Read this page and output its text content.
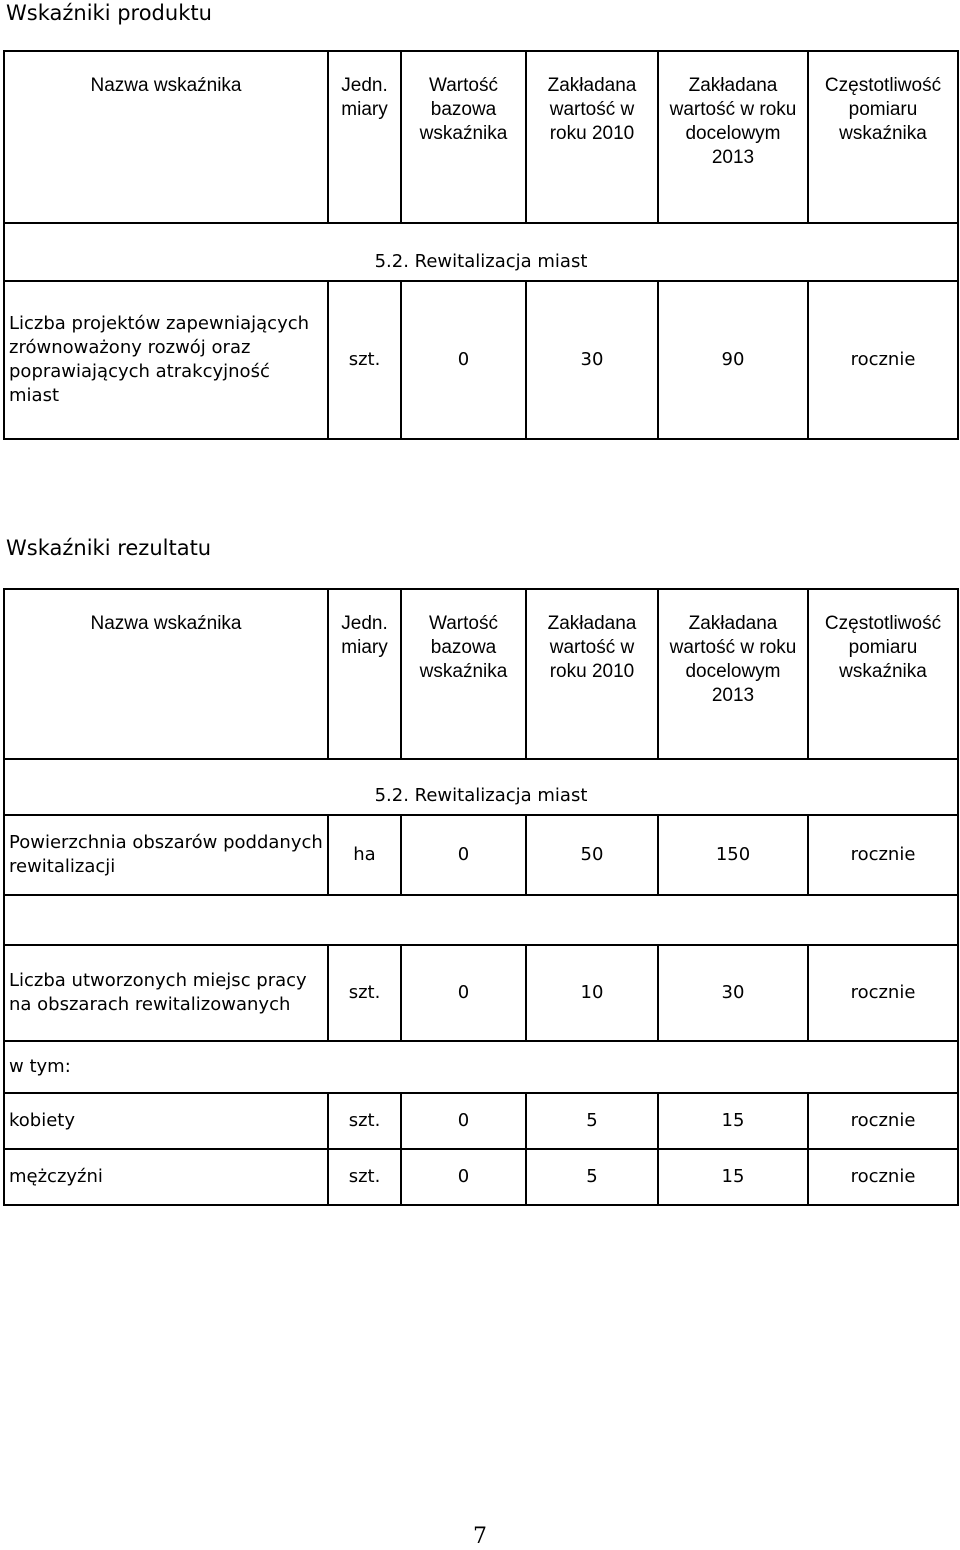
Wskaźniki produktu
Nazwa wskaźnika	Jedn. miary	Wartość bazowa wskaźnika	Zakładana wartość w roku 2010	Zakładana wartość w roku docelowym 2013	Częstotliwość pomiaru wskaźnika
5.2. Rewitalizacja miast					
Liczba projektów zapewniających zrównoważony rozwój oraz poprawiających atrakcyjność miast	szt.	0	30	90	rocznie
Wskaźniki rezultatu
Nazwa wskaźnika	Jedn. miary	Wartość bazowa wskaźnika	Zakładana wartość w roku 2010	Zakładana wartość w roku docelowym 2013	Częstotliwość pomiaru wskaźnika
5.2. Rewitalizacja miast					
Powierzchnia obszarów poddanych rewitalizacji	ha	0	50	150	rocznie

Liczba utworzonych miejsc pracy na obszarach rewitalizowanych	szt.	0	10	30	rocznie
w tym:					
kobiety	szt.	0	5	15	rocznie
mężczyźni	szt.	0	5	15	rocznie
7
